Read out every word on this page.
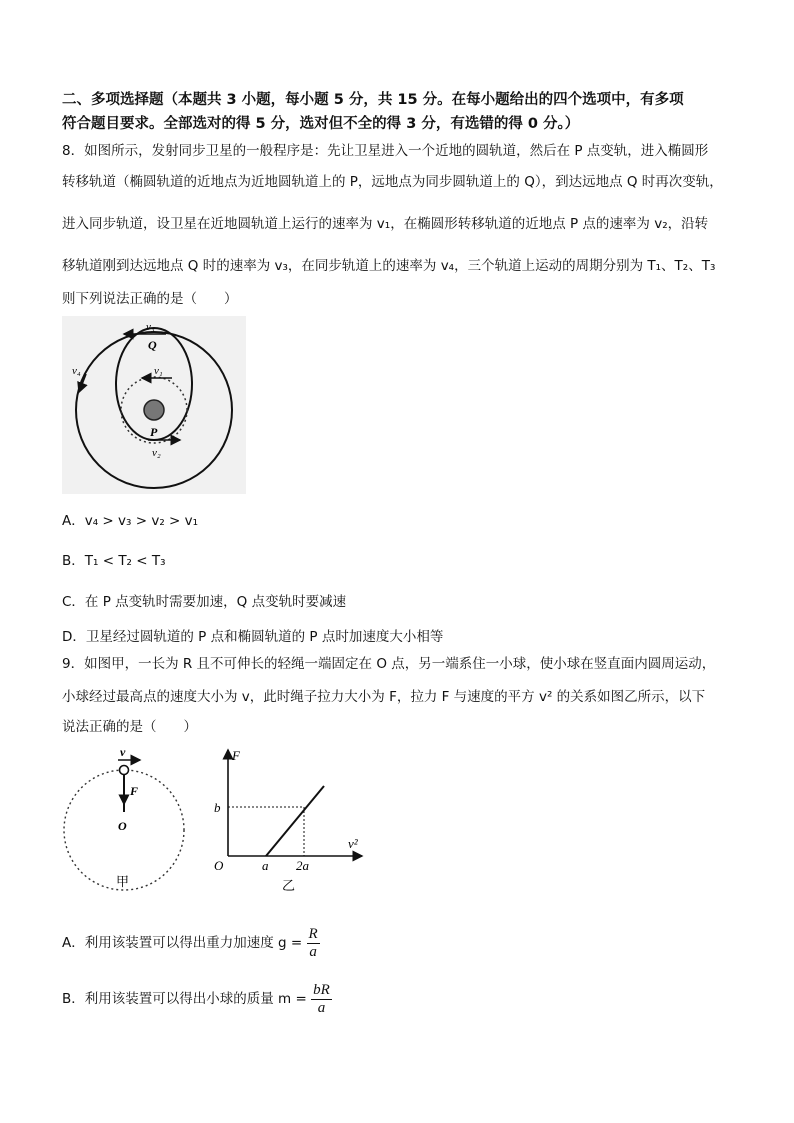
二、多项选择题（本题共 3 小题，每小题 5 分，共 15 分。在每小题给出的四个选项中，有多项
符合题目要求。全部选对的得 5 分，选对但不全的得 3 分，有选错的得 0 分。）
8．如图所示，发射同步卫星的一般程序是：先让卫星进入一个近地的圆轨道，然后在 P 点变轨，进入椭圆形
转移轨道（椭圆轨道的近地点为近地圆轨道上的 P，远地点为同步圆轨道上的 Q），到达远地点 Q 时再次变轨，
进入同步轨道，设卫星在近地圆轨道上运行的速率为 v₁，在椭圆形转移轨道的近地点 P 点的速率为 v₂，沿转
移轨道刚到达远地点 Q 时的速率为 v₃，在同步轨道上的速率为 v₄，三个轨道上运动的周期分别为 T₁、T₂、T₃
则下列说法正确的是（　　）
v₃
Q
v₁
v₄
P
v₂
A．v₄ > v₃ > v₂ > v₁
B．T₁ < T₂ < T₃
C．在 P 点变轨时需要加速，Q 点变轨时要减速
D．卫星经过圆轨道的 P 点和椭圆轨道的 P 点时加速度大小相等
9．如图甲，一长为 R 且不可伸长的轻绳一端固定在 O 点，另一端系住一小球，使小球在竖直面内圆周运动，
小球经过最高点的速度大小为 v，此时绳子拉力大小为 F，拉力 F 与速度的平方 v² 的关系如图乙所示，以下
说法正确的是（　　）
v
F
O
甲
F
b
O	a 2a
v²
乙
A．利用该装置可以得出重力加速度 $g = \frac{R}{a}$
B．利用该装置可以得出小球的质量 $m = \frac{bR}{a}$
